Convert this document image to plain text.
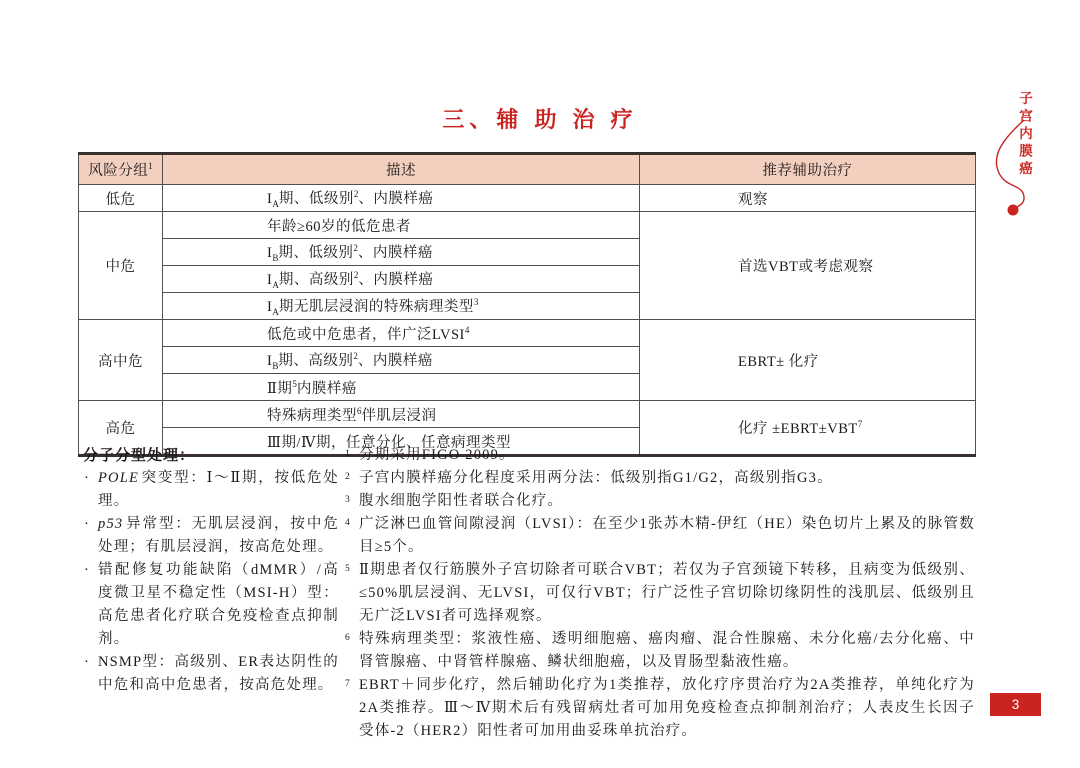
三、辅 助 治 疗	子宫内膜癌
风险分组$^1$	描述	推荐辅助治疗
低危	$I_A$期、低级别$^2$、内膜样癌	观察
中危	年龄≥60岁的低危患者	首选VBT或考虑观察
	$I_B$期、低级别$^2$、内膜样癌	
	$I_A$期、高级别$^2$、内膜样癌	
	$I_A$期无肌层浸润的特殊病理类型$^3$
高中危	低危或中危患者，伴广泛LVSI$^4$	EBRT± 化疗
	$I_B$期、高级别$^2$、内膜样癌	
	Ⅱ期$^5$内膜样癌	
高危	特殊病理类型$^6$伴肌层浸润	化疗 $\pm EBRT\pm VBT^7$
	Ⅲ期/Ⅳ期，任意分化、任意病理类型	
分子分型处理：
· POLE 突变型：Ⅰ～Ⅱ期，按低危处理。
· p53 异常型：无肌层浸润，按中危处理；有肌层浸润，按高危处理。
· 错配修复功能缺陷（dMMR）/高度微卫星不稳定性（MSI-H）型：高危患者化疗联合免疫检查点抑制剂。
· NSMP型：高级别、ER表达阴性的中危和高中危患者，按高危处理。
1 分期采用FIGO 2009。
2 子宫内膜样癌分化程度采用两分法：低级别指G1/G2，高级别指G3。
3 腹水细胞学阳性者联合化疗。
4 广泛淋巴血管间隙浸润（LVSI）：在至少1张苏木精-伊红（HE）染色切片上累及的脉管数目≥5个。
5 Ⅱ期患者仅行筋膜外子宫切除者可联合VBT；若仅为子宫颈镜下转移，且病变为低级别、≤50%肌层浸润、无LVSI，可仅行VBT；行广泛性子宫切除切缘阴性的浅肌层、低级别且无广泛LVSI者可选择观察。
6 特殊病理类型：浆液性癌、透明细胞癌、癌肉瘤、混合性腺癌、未分化癌/去分化癌、中肾管腺癌、中肾管样腺癌、鳞状细胞癌，以及胃肠型黏液性癌。
7 EBRT＋同步化疗，然后辅助化疗为1类推荐，放化疗序贯治疗为2A类推荐，单纯化疗为2A类推荐。Ⅲ～Ⅳ期术后有残留病灶者可加用免疫检查点抑制剂治疗；人表皮生长因子受体-2（HER2）阳性者可加用曲妥珠单抗治疗。
3
